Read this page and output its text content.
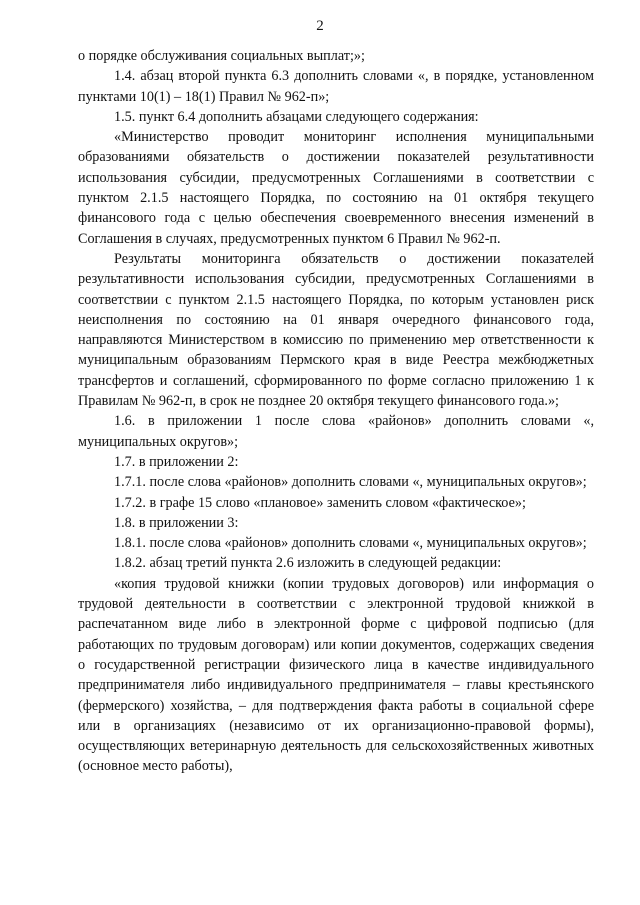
2

о порядке обслуживания социальных выплат;»;

1.4. абзац второй пункта 6.3 дополнить словами «, в порядке, установленном пунктами 10(1) – 18(1) Правил № 962-п»;

1.5. пункт 6.4 дополнить абзацами следующего содержания:

«Министерство проводит мониторинг исполнения муниципальными образованиями обязательств о достижении показателей результативности использования субсидии, предусмотренных Соглашениями в соответствии с пунктом 2.1.5 настоящего Порядка, по состоянию на 01 октября текущего финансового года с целью обеспечения своевременного внесения изменений в Соглашения в случаях, предусмотренных пунктом 6 Правил № 962-п.

Результаты мониторинга обязательств о достижении показателей результативности использования субсидии, предусмотренных Соглашениями в соответствии с пунктом 2.1.5 настоящего Порядка, по которым установлен риск неисполнения по состоянию на 01 января очередного финансового года, направляются Министерством в комиссию по применению мер ответственности к муниципальным образованиям Пермского края в виде Реестра межбюджетных трансфертов и соглашений, сформированного по форме согласно приложению 1 к Правилам № 962-п, в срок не позднее 20 октября текущего финансового года.»;

1.6. в приложении 1 после слова «районов» дополнить словами «, муниципальных округов»;

1.7. в приложении 2:

1.7.1. после слова «районов» дополнить словами «, муниципальных округов»;

1.7.2. в графе 15 слово «плановое» заменить словом «фактическое»;

1.8. в приложении 3:

1.8.1. после слова «районов» дополнить словами «, муниципальных округов»;

1.8.2. абзац третий пункта 2.6 изложить в следующей редакции:

«копия трудовой книжки (копии трудовых договоров) или информация о трудовой деятельности в соответствии с электронной трудовой книжкой в распечатанном виде либо в электронной форме с цифровой подписью (для работающих по трудовым договорам) или копии документов, содержащих сведения о государственной регистрации физического лица в качестве индивидуального предпринимателя либо индивидуального предпринимателя – главы крестьянского (фермерского) хозяйства, – для подтверждения факта работы в социальной сфере или в организациях (независимо от их организационно-правовой формы), осуществляющих ветеринарную деятельность для сельскохозяйственных животных (основное место работы),
